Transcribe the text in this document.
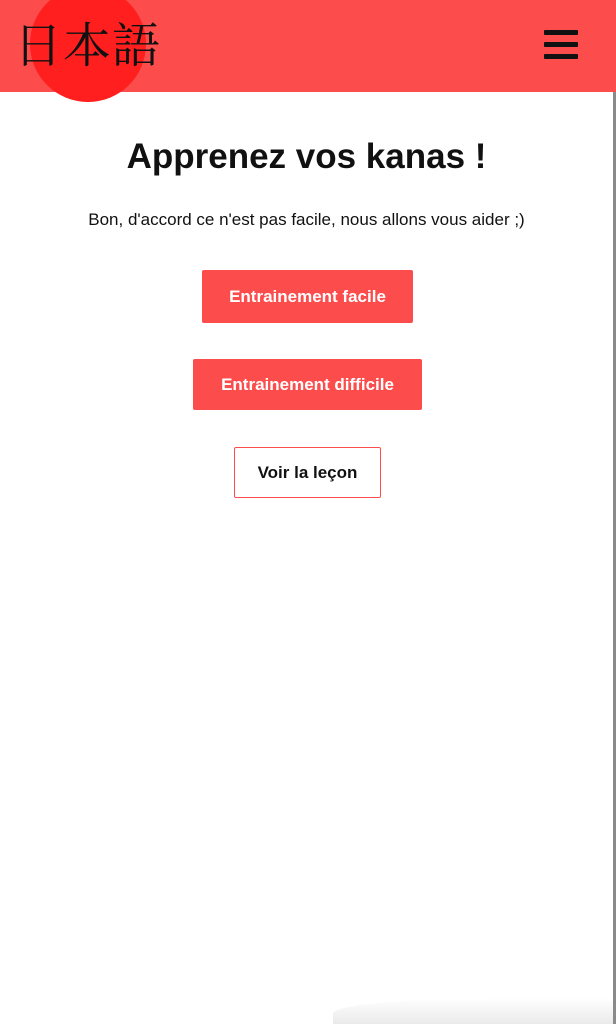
Apprenez vos kanas !

Bon, d'accord ce n'est pas facile, nous allons vous aider ;)

Entrainement facile
Entrainement difficile
Voir la leçon
日本語
